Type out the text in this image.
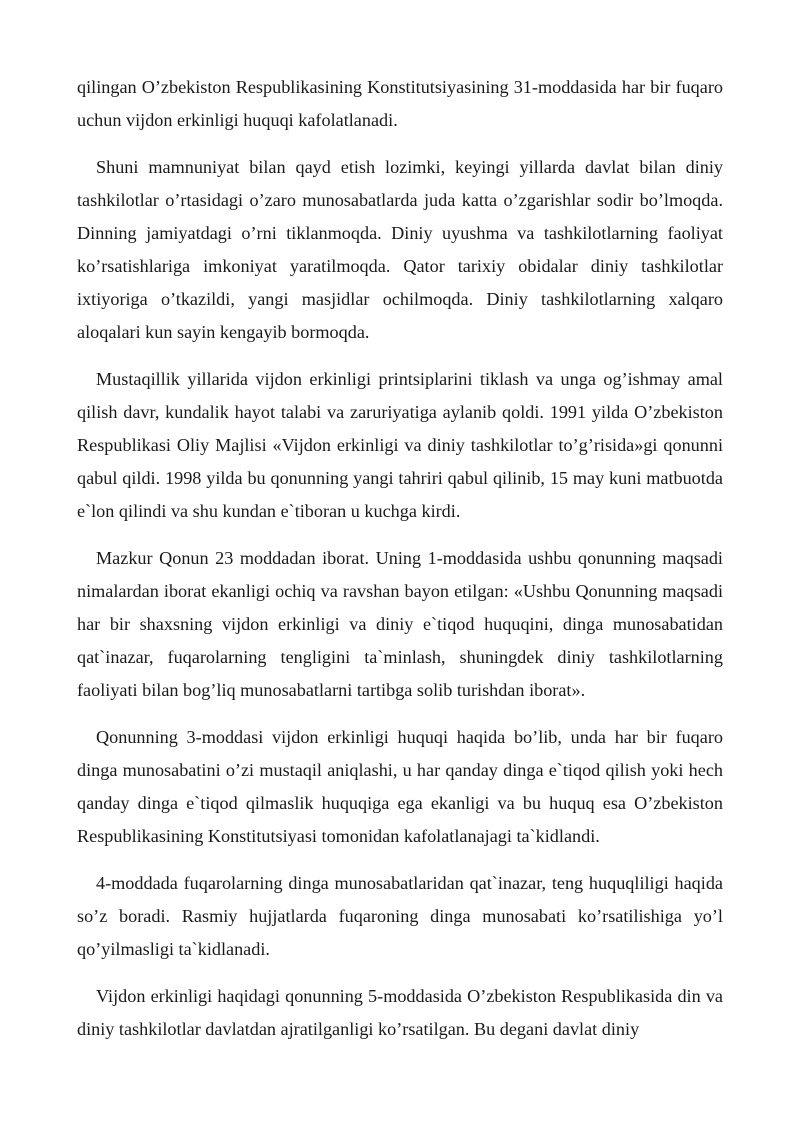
qilingan O’zbekiston Respublikasining Konstitutsiyasining 31-moddasida har bir fuqaro uchun vijdon erkinligi huquqi kafolatlanadi.

Shuni mamnuniyat bilan qayd etish lozimki, keyingi yillarda davlat bilan diniy tashkilotlar o’rtasidagi o’zaro munosabatlarda juda katta o’zgarishlar sodir bo’lmoqda. Dinning jamiyatdagi o’rni tiklanmoqda. Diniy uyushma va tashkilotlarning faoliyat ko’rsatishlariga imkoniyat yaratilmoqda. Qator tarixiy obidalar diniy tashkilotlar ixtiyoriga o’tkazildi, yangi masjidlar ochilmoqda. Diniy tashkilotlarning xalqaro aloqalari kun sayin kengayib bormoqda.

Mustaqillik yillarida vijdon erkinligi printsiplarini tiklash va unga og’ishmay amal qilish davr, kundalik hayot talabi va zaruriyatiga aylanib qoldi. 1991 yilda O’zbekiston Respublikasi Oliy Majlisi «Vijdon erkinligi va diniy tashkilotlar to’g’risida»gi qonunni qabul qildi. 1998 yilda bu qonunning yangi tahriri qabul qilinib, 15 may kuni matbuotda e`lon qilindi va shu kundan e`tiboran u kuchga kirdi.

Mazkur Qonun 23 moddadan iborat. Uning 1-moddasida ushbu qonunning maqsadi nimalardan iborat ekanligi ochiq va ravshan bayon etilgan: «Ushbu Qonunning maqsadi har bir shaxsning vijdon erkinligi va diniy e`tiqod huquqini, dinga munosabatidan qat`inazar, fuqarolarning tengligini ta`minlash, shuningdek diniy tashkilotlarning faoliyati bilan bog’liq munosabatlarni tartibga solib turishdan iborat».

Qonunning 3-moddasi vijdon erkinligi huquqi haqida bo’lib, unda har bir fuqaro dinga munosabatini o’zi mustaqil aniqlashi, u har qanday dinga e`tiqod qilish yoki hech qanday dinga e`tiqod qilmaslik huquqiga ega ekanligi va bu huquq esa O’zbekiston Respublikasining Konstitutsiyasi tomonidan kafolatlanajagi ta`kidlandi.

4-moddada fuqarolarning dinga munosabatlaridan qat`inazar, teng huquqliligi haqida so’z boradi. Rasmiy hujjatlarda fuqaroning dinga munosabati ko’rsatilishiga yo’l qo’yilmasligi ta`kidlanadi.

Vijdon erkinligi haqidagi qonunning 5-moddasida O’zbekiston Respublikasida din va diniy tashkilotlar davlatdan ajratilganligi ko’rsatilgan. Bu degani davlat diniy
